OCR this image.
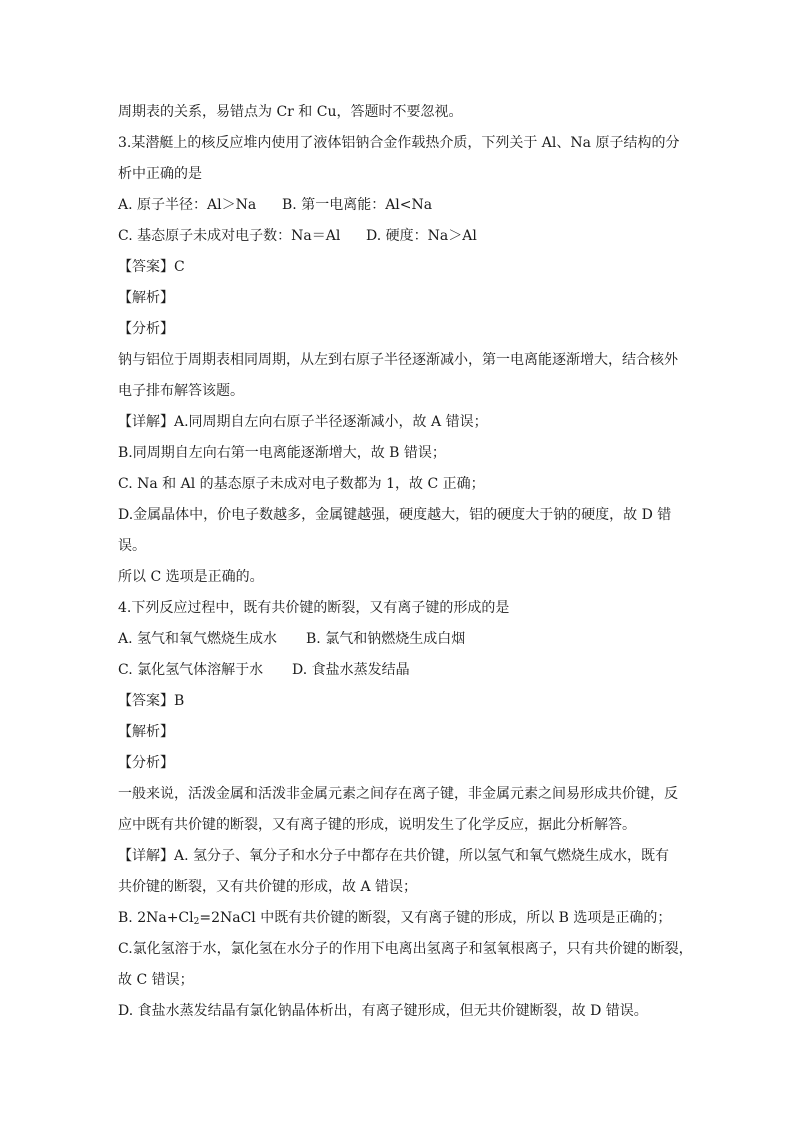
周期表的关系，易错点为 Cr 和 Cu，答题时不要忽视。
3.某潜艇上的核反应堆内使用了液体铝钠合金作载热介质，下列关于 Al、Na 原子结构的分
析中正确的是
A. 原子半径：Al＞Na B. 第一电离能：Al<Na
C. 基态原子未成对电子数：Na＝Al D. 硬度：Na＞Al
【答案】C
【解析】
【分析】
钠与铝位于周期表相同周期，从左到右原子半径逐渐减小，第一电离能逐渐增大，结合核外
电子排布解答该题。
【详解】A.同周期自左向右原子半径逐渐减小，故 A 错误；
B.同周期自左向右第一电离能逐渐增大，故 B 错误；
C. Na 和 Al 的基态原子未成对电子数都为 1，故 C 正确；
D.金属晶体中，价电子数越多，金属键越强，硬度越大，铝的硬度大于钠的硬度，故 D 错
误。
所以 C 选项是正确的。
4.下列反应过程中，既有共价键的断裂，又有离子键的形成的是
A. 氢气和氧气燃烧生成水 B. 氯气和钠燃烧生成白烟
C. 氯化氢气体溶解于水 D. 食盐水蒸发结晶
【答案】B
【解析】
【分析】
一般来说，活泼金属和活泼非金属元素之间存在离子键，非金属元素之间易形成共价键，反
应中既有共价键的断裂，又有离子键的形成，说明发生了化学反应，据此分析解答。
【详解】A. 氢分子、氧分子和水分子中都存在共价键，所以氢气和氧气燃烧生成水，既有
共价键的断裂，又有共价键的形成，故 A 错误；
B. $2Na+Cl_2=2NaCl$ 中既有共价键的断裂，又有离子键的形成，所以 B 选项是正确的；
C.氯化氢溶于水，氯化氢在水分子的作用下电离出氢离子和氢氧根离子，只有共价键的断裂，
故 C 错误；
D. 食盐水蒸发结晶有氯化钠晶体析出，有离子键形成，但无共价键断裂，故 D 错误。
